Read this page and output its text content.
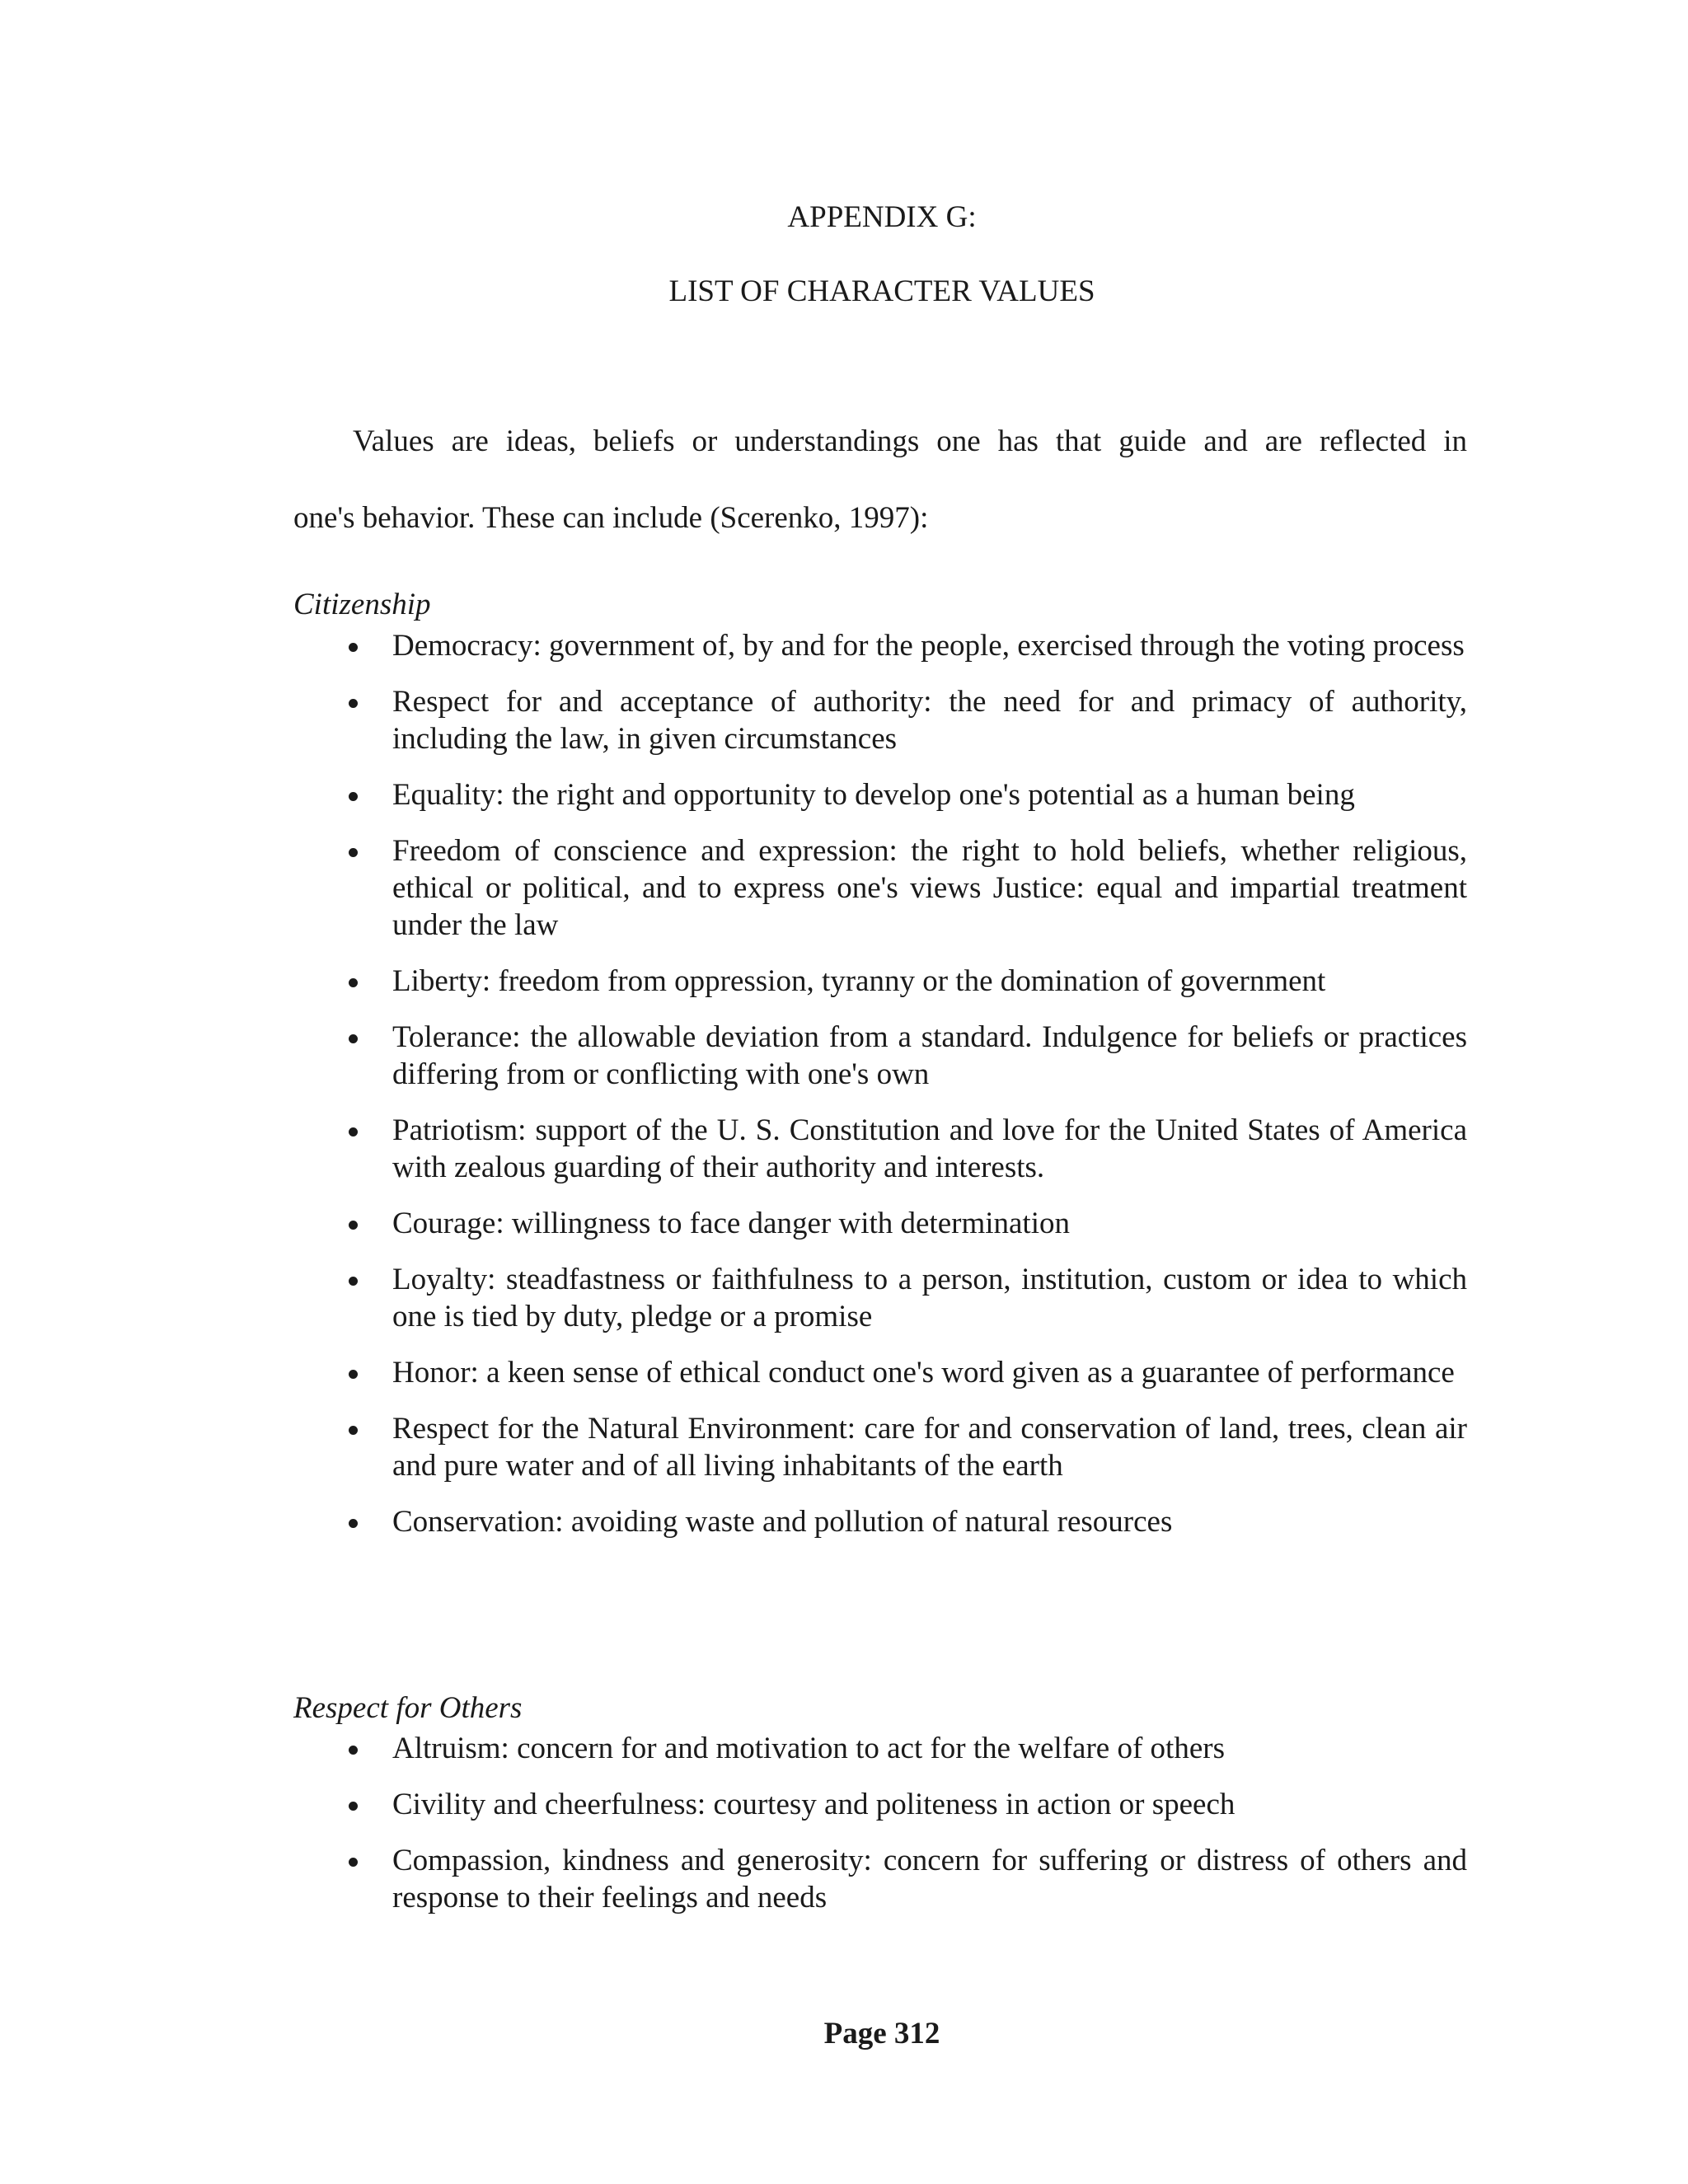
APPENDIX G:
LIST OF CHARACTER VALUES

Values are ideas, beliefs or understandings one has that guide and are reflected in

one's behavior. These can include (Scerenko, 1997):

Citizenship

Democracy: government of, by and for the people, exercised through the voting process
Respect for and acceptance of authority: the need for and primacy of authority, including the law, in given circumstances
Equality: the right and opportunity to develop one's potential as a human being
Freedom of conscience and expression: the right to hold beliefs, whether religious, ethical or political, and to express one's views Justice: equal and impartial treatment under the law
Liberty: freedom from oppression, tyranny or the domination of government
Tolerance: the allowable deviation from a standard. Indulgence for beliefs or practices differing from or conflicting with one's own
Patriotism: support of the U. S. Constitution and love for the United States of America with zealous guarding of their authority and interests.
Courage: willingness to face danger with determination
Loyalty: steadfastness or faithfulness to a person, institution, custom or idea to which one is tied by duty, pledge or a promise
Honor: a keen sense of ethical conduct one's word given as a guarantee of performance
Respect for the Natural Environment: care for and conservation of land, trees, clean air and pure water and of all living inhabitants of the earth
Conservation: avoiding waste and pollution of natural resources

Respect for Others

Altruism: concern for and motivation to act for the welfare of others
Civility and cheerfulness: courtesy and politeness in action or speech
Compassion, kindness and generosity: concern for suffering or distress of others and response to their feelings and needs

Page 312
